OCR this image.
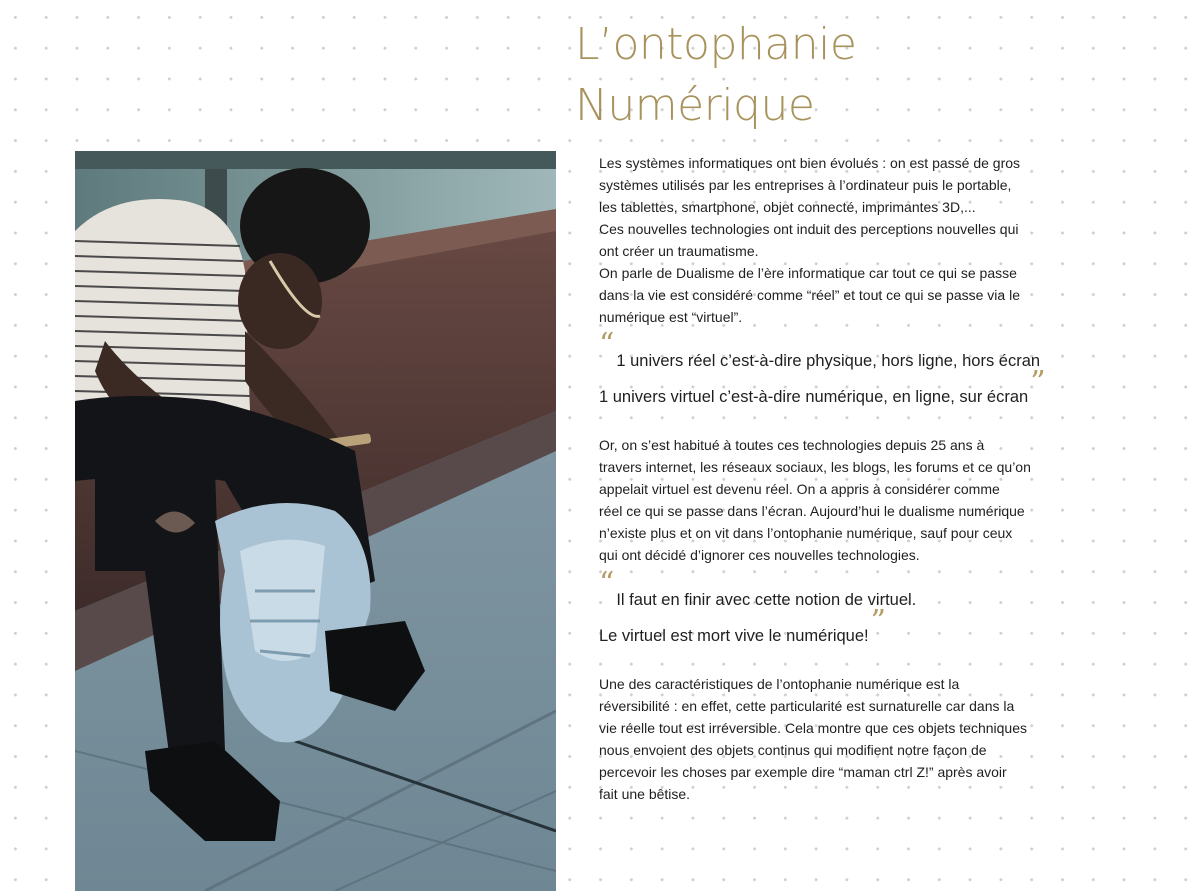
L’ontophanie
Numérique

Les systèmes informatiques ont bien évolués : on est passé de gros
systèmes utilisés par les entreprises à l’ordinateur puis le portable,
les tablettes, smartphone, objet connecté, imprimantes 3D,...
Ces nouvelles technologies ont induit des perceptions nouvelles qui
ont créer un traumatisme.
On parle de Dualisme de l’ère informatique car tout ce qui se passe
dans la vie est considéré comme “réel” et tout ce qui se passe via le
numérique est “virtuel”.

“ 1 univers réel c’est-à-dire physique, hors ligne, hors écran
1 univers virtuel c’est-à-dire numérique, en ligne, sur écran”

Or, on s’est habitué à toutes ces technologies depuis 25 ans à
travers internet, les réseaux sociaux, les blogs, les forums et ce qu’on
appelait virtuel est devenu réel. On a appris à considérer comme
réel ce qui se passe dans l’écran. Aujourd’hui le dualisme numérique
n’existe plus et on vit dans l’ontophanie numérique, sauf pour ceux
qui ont décidé d’ignorer ces nouvelles technologies.

“ Il faut en finir avec cette notion de virtuel.
Le virtuel est mort vive le numérique!”

Une des caractéristiques de l’ontophanie numérique est la
réversibilité : en effet, cette particularité est surnaturelle car dans la
vie réelle tout est irréversible. Cela montre que ces objets techniques
nous envoient des objets continus qui modifient notre façon de
percevoir les choses par exemple dire “maman ctrl Z!” après avoir
fait une bêtise.
